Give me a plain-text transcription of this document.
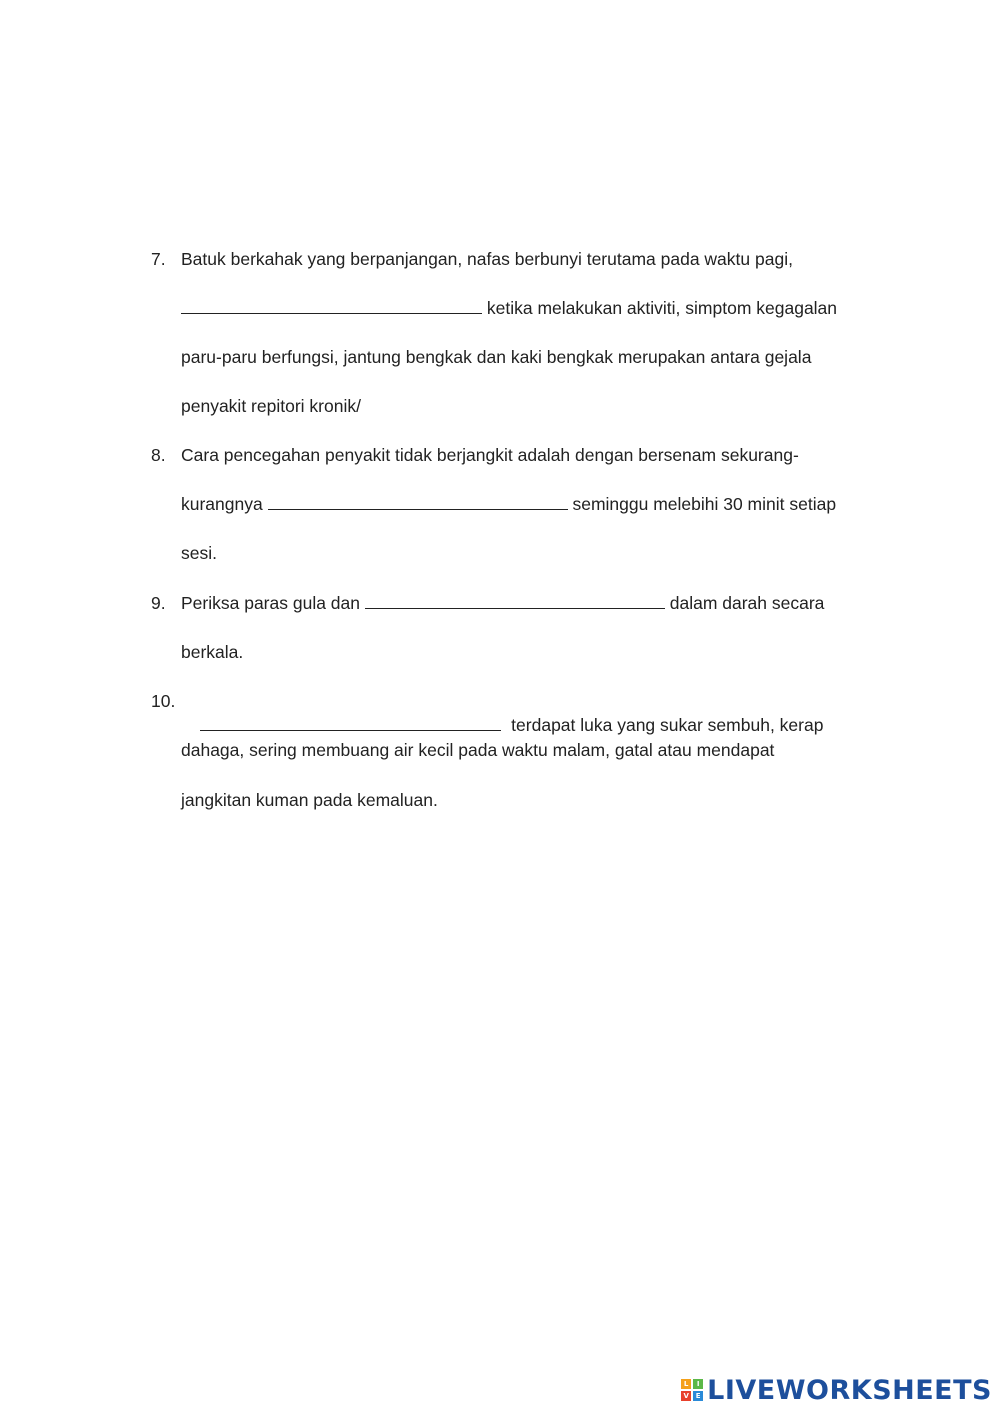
7. Batuk berkahak yang berpanjangan, nafas berbunyi terutama pada waktu pagi,
ketika melakukan aktiviti, simptom kegagalan
paru-paru berfungsi, jantung bengkak dan kaki bengkak merupakan antara gejala
penyakit repitori kronik/
8. Cara pencegahan penyakit tidak berjangkit adalah dengan bersenam sekurang-
kurangnya	seminggu melebihi 30 minit setiap
sesi.
9. Periksa paras gula dan	dalam darah secara
berkala.
10.

terdapat luka yang sukar sembuh, kerap

dahaga, sering membuang air kecil pada waktu malam, gatal atau mendapat
jangkitan kuman pada kemaluan.
L	I
V E LIVEWORKSHEETS
